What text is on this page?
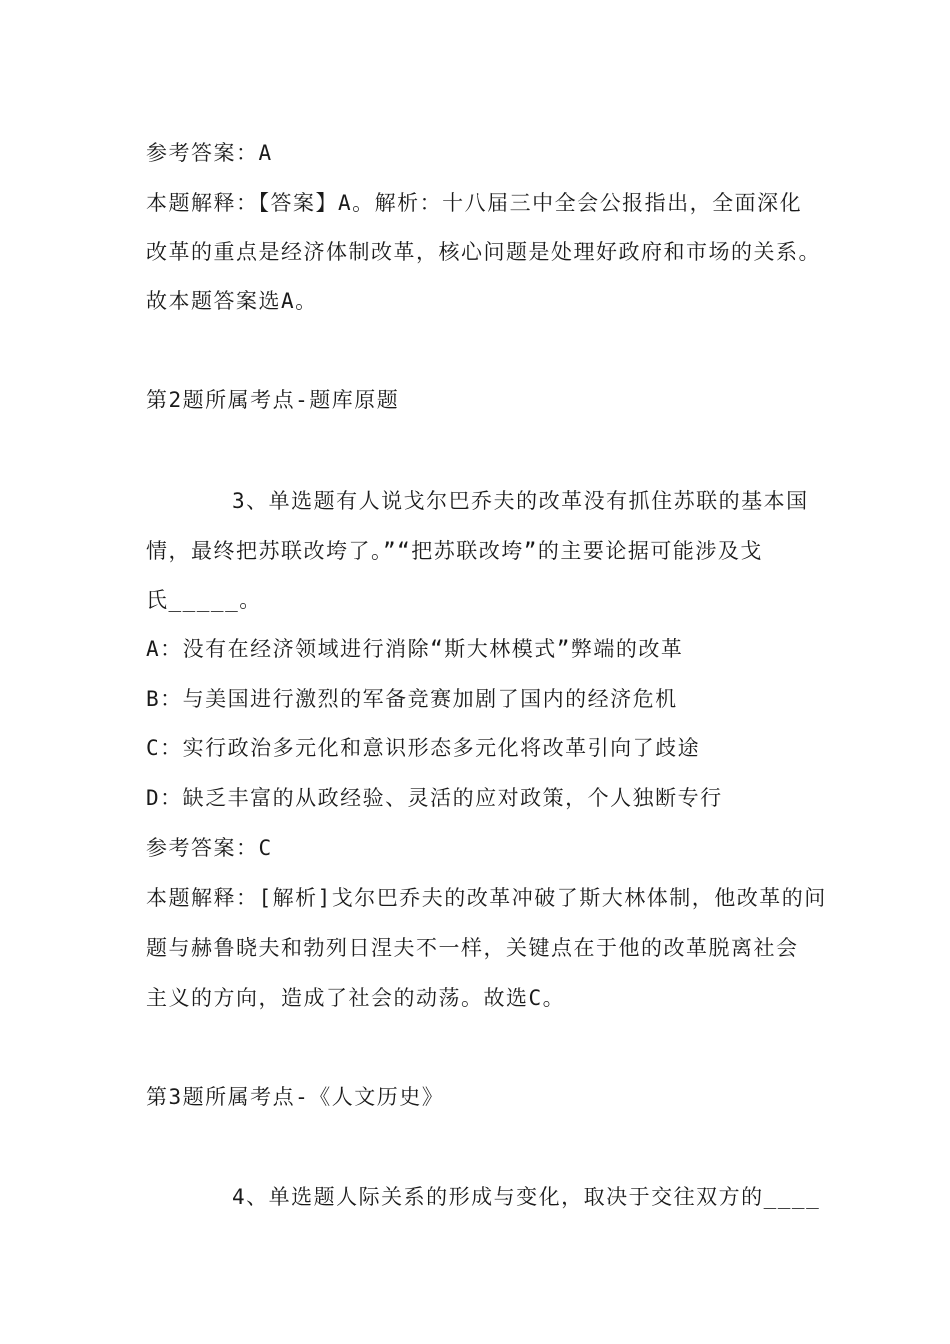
参考答案：A
本题解释：【答案】A。解析：十八届三中全会公报指出，全面深化
改革的重点是经济体制改革，核心问题是处理好政府和市场的关系。
故本题答案选A。
第2题所属考点-题库原题
3、单选题有人说戈尔巴乔夫的改革没有抓住苏联的基本国
情，最终把苏联改垮了。”“把苏联改垮”的主要论据可能涉及戈
氏_____。
A：没有在经济领域进行消除“斯大林模式”弊端的改革
B：与美国进行激烈的军备竞赛加剧了国内的经济危机
C：实行政治多元化和意识形态多元化将改革引向了歧途
D：缺乏丰富的从政经验、灵活的应对政策，个人独断专行
参考答案：C
本题解释：[解析]戈尔巴乔夫的改革冲破了斯大林体制，他改革的问
题与赫鲁晓夫和勃列日涅夫不一样，关键点在于他的改革脱离社会
主义的方向，造成了社会的动荡。故选C。
第3题所属考点-《人文历史》
4、单选题人际关系的形成与变化，取决于交往双方的____
